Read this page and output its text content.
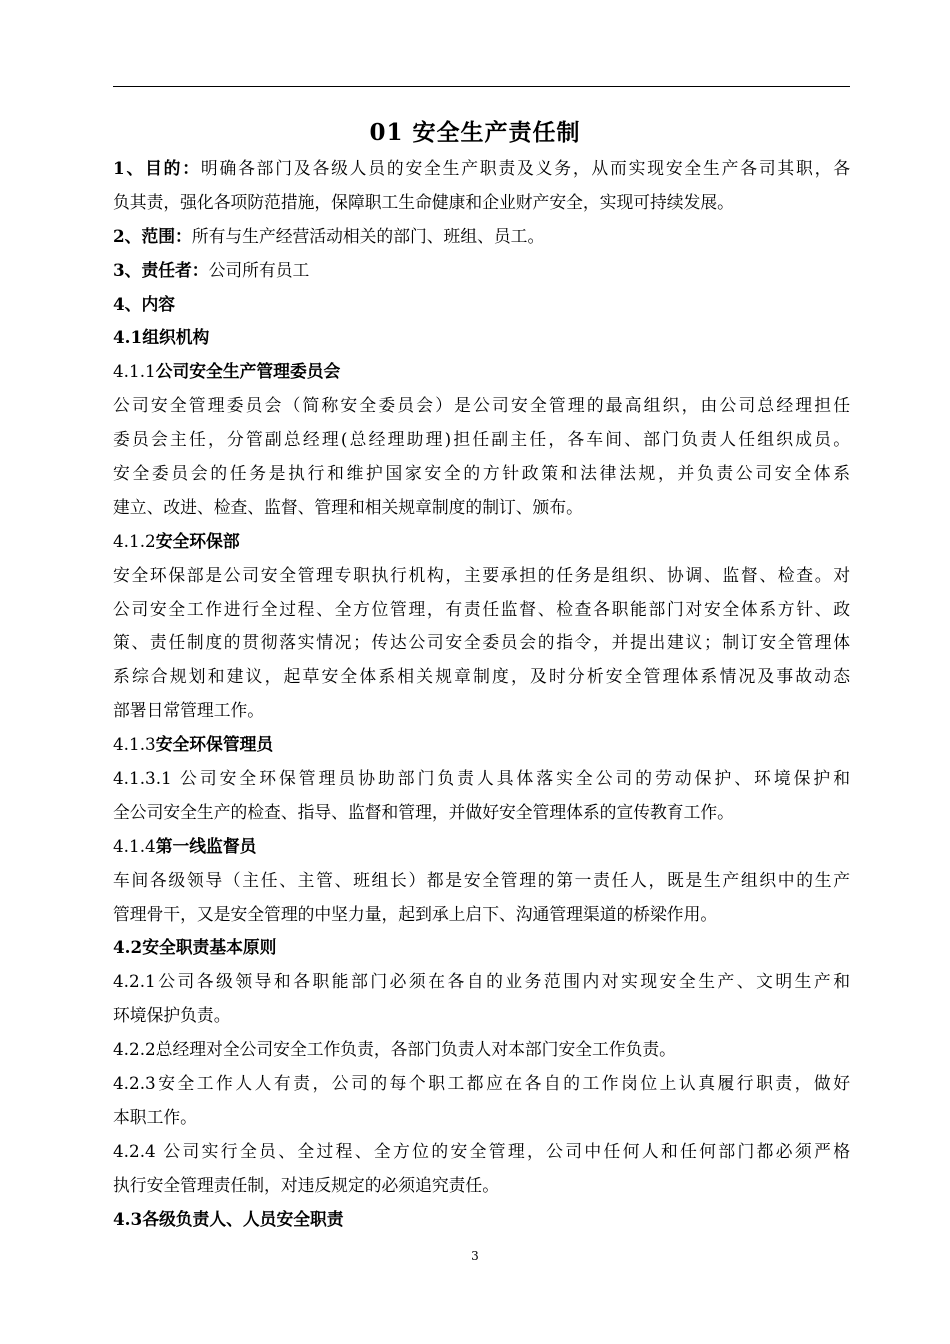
01 安全生产责任制
1、目的：明确各部门及各级人员的安全生产职责及义务，从而实现安全生产各司其职，各
负其责，强化各项防范措施，保障职工生命健康和企业财产安全，实现可持续发展。
2、范围：所有与生产经营活动相关的部门、班组、员工。
3、责任者：公司所有员工
4、内容
4.1组织机构
4.1.1公司安全生产管理委员会
公司安全管理委员会（简称安全委员会）是公司安全管理的最高组织，由公司总经理担任
委员会主任，分管副总经理(总经理助理)担任副主任，各车间、部门负责人任组织成员。
安全委员会的任务是执行和维护国家安全的方针政策和法律法规，并负责公司安全体系
建立、改进、检查、监督、管理和相关规章制度的制订、颁布。
4.1.2安全环保部
安全环保部是公司安全管理专职执行机构，主要承担的任务是组织、协调、监督、检查。对
公司安全工作进行全过程、全方位管理，有责任监督、检查各职能部门对安全体系方针、政
策、责任制度的贯彻落实情况；传达公司安全委员会的指令，并提出建议；制订安全管理体
系综合规划和建议，起草安全体系相关规章制度，及时分析安全管理体系情况及事故动态
部署日常管理工作。
4.1.3安全环保管理员
4.1.3.1 公司安全环保管理员协助部门负责人具体落实全公司的劳动保护、环境保护和
全公司安全生产的检查、指导、监督和管理，并做好安全管理体系的宣传教育工作。
4.1.4第一线监督员
车间各级领导（主任、主管、班组长）都是安全管理的第一责任人，既是生产组织中的生产
管理骨干，又是安全管理的中坚力量，起到承上启下、沟通管理渠道的桥梁作用。
4.2安全职责基本原则
4.2.1公司各级领导和各职能部门必须在各自的业务范围内对实现安全生产、文明生产和
环境保护负责。
4.2.2总经理对全公司安全工作负责，各部门负责人对本部门安全工作负责。
4.2.3安全工作人人有责，公司的每个职工都应在各自的工作岗位上认真履行职责，做好
本职工作。
4.2.4 公司实行全员、全过程、全方位的安全管理，公司中任何人和任何部门都必须严格
执行安全管理责任制，对违反规定的必须追究责任。
4.3各级负责人、人员安全职责
3
